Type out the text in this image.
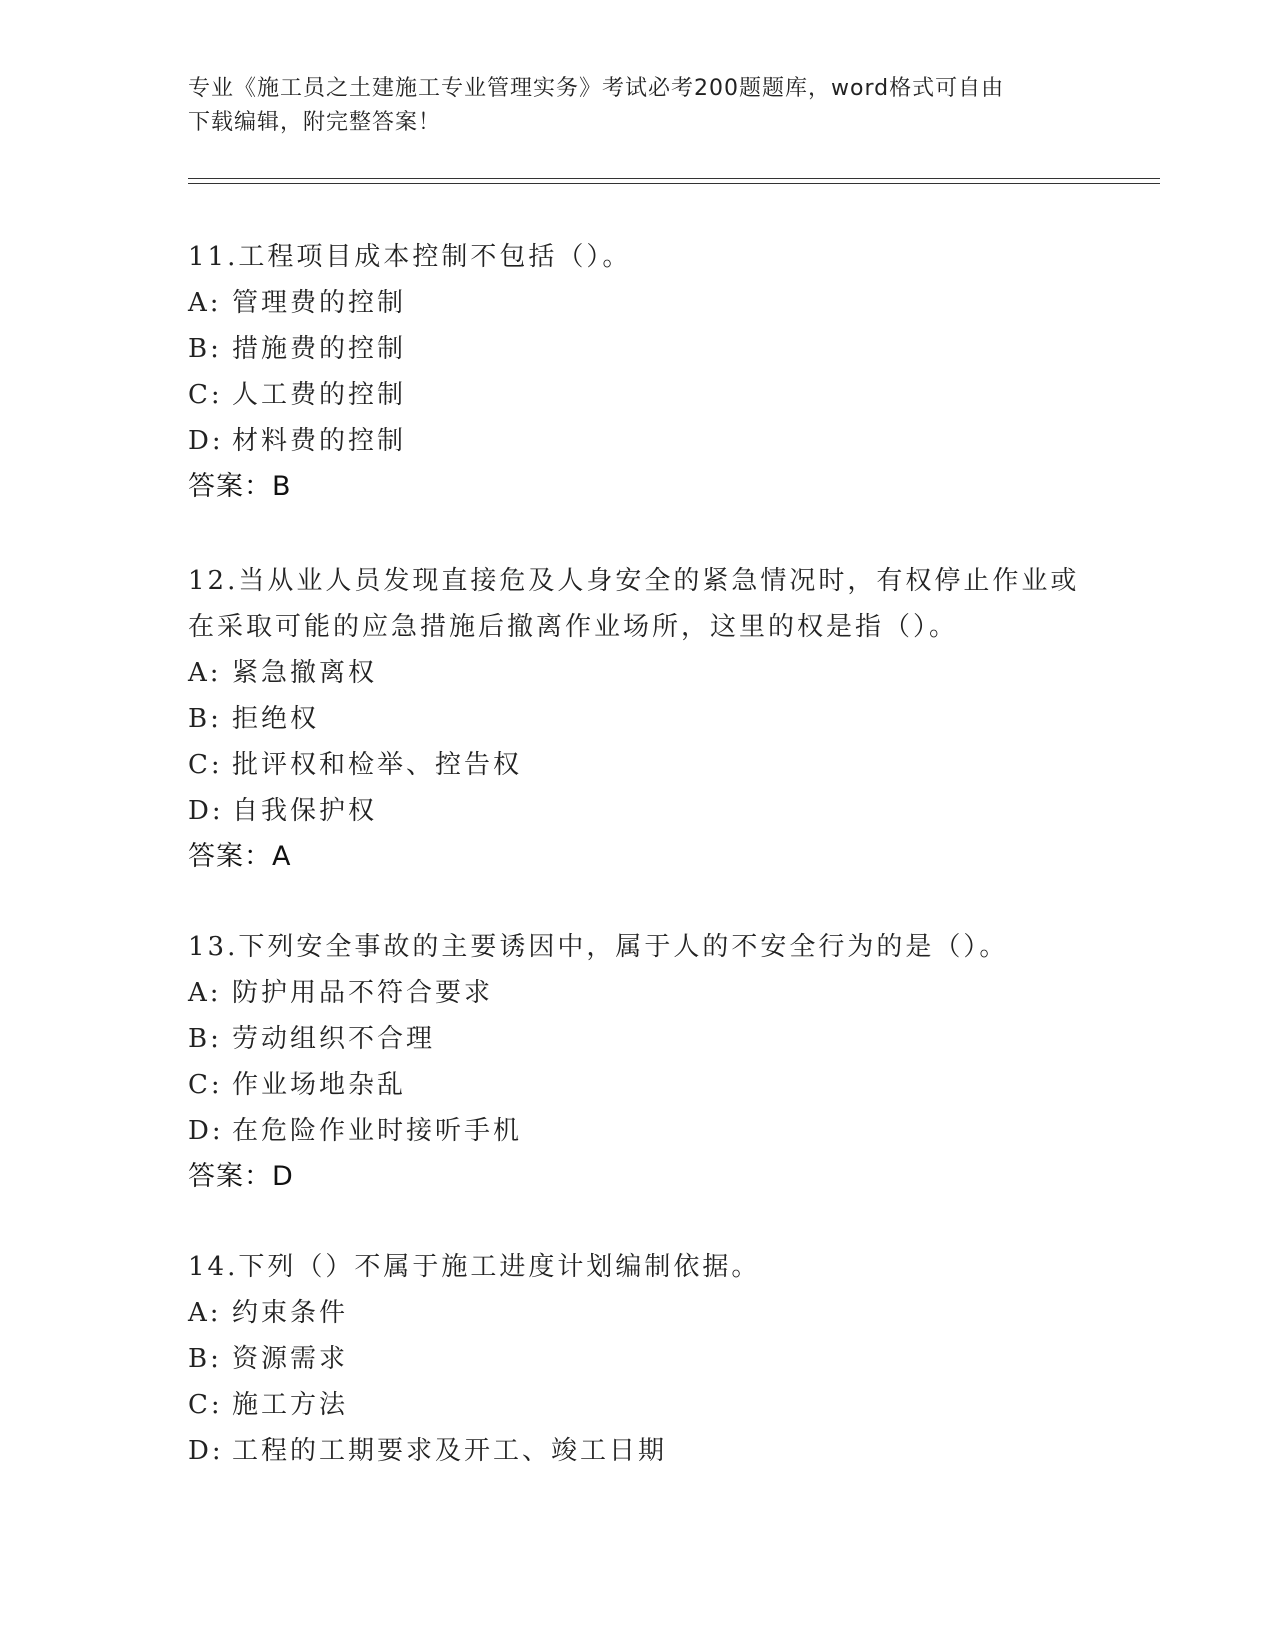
专业《施工员之土建施工专业管理实务》考试必考200题题库，word格式可自由
下载编辑，附完整答案！

11.工程项目成本控制不包括（）。

A: 管理费的控制
B: 措施费的控制
C: 人工费的控制
D: 材料费的控制
答案：B

12.当从业人员发现直接危及人身安全的紧急情况时，有权停止作业或在采取可能的应急措施后撤离作业场所，这里的权是指（）。

A: 紧急撤离权
B: 拒绝权
C: 批评权和检举、控告权
D: 自我保护权
答案：A

13.下列安全事故的主要诱因中，属于人的不安全行为的是（）。

A: 防护用品不符合要求
B: 劳动组织不合理
C: 作业场地杂乱
D: 在危险作业时接听手机
答案：D

14.下列（）不属于施工进度计划编制依据。

A: 约束条件
B: 资源需求
C: 施工方法
D: 工程的工期要求及开工、竣工日期
